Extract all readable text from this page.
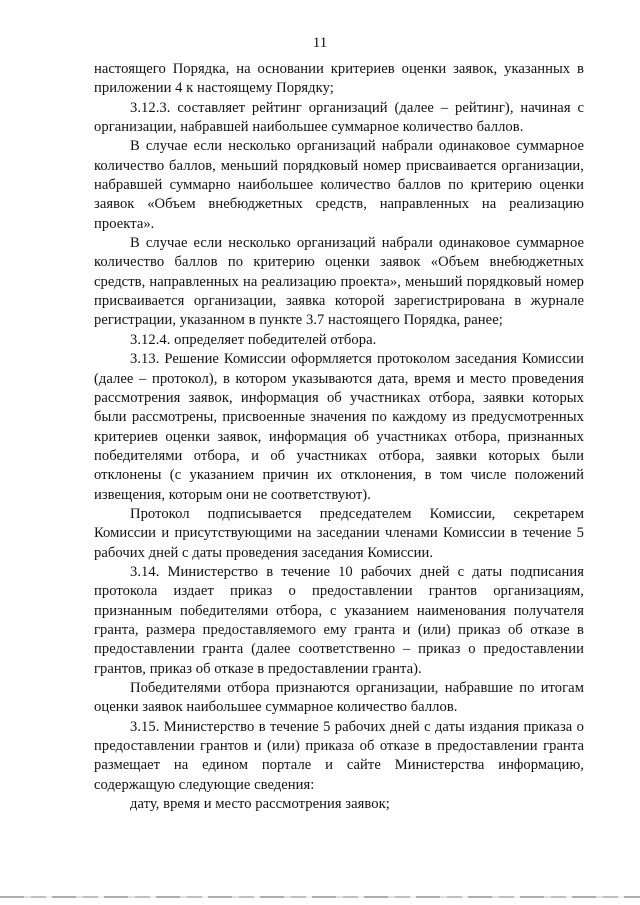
11

настоящего Порядка, на основании критериев оценки заявок, указанных в приложении 4 к настоящему Порядку;

3.12.3. составляет рейтинг организаций (далее – рейтинг), начиная с организации, набравшей наибольшее суммарное количество баллов.

В случае если несколько организаций набрали одинаковое суммарное количество баллов, меньший порядковый номер присваивается организации, набравшей суммарно наибольшее количество баллов по критерию оценки заявок «Объем внебюджетных средств, направленных на реализацию проекта».

В случае если несколько организаций набрали одинаковое суммарное количество баллов по критерию оценки заявок «Объем внебюджетных средств, направленных на реализацию проекта», меньший порядковый номер присваивается организации, заявка которой зарегистрирована в журнале регистрации, указанном в пункте 3.7 настоящего Порядка, ранее;

3.12.4. определяет победителей отбора.

3.13. Решение Комиссии оформляется протоколом заседания Комиссии (далее – протокол), в котором указываются дата, время и место проведения рассмотрения заявок, информация об участниках отбора, заявки которых были рассмотрены, присвоенные значения по каждому из предусмотренных критериев оценки заявок, информация об участниках отбора, признанных победителями отбора, и об участниках отбора, заявки которых были отклонены (с указанием причин их отклонения, в том числе положений извещения, которым они не соответствуют).

Протокол подписывается председателем Комиссии, секретарем Комиссии и присутствующими на заседании членами Комиссии в течение 5 рабочих дней с даты проведения заседания Комиссии.

3.14. Министерство в течение 10 рабочих дней с даты подписания протокола издает приказ о предоставлении грантов организациям, признанным победителями отбора, с указанием наименования получателя гранта, размера предоставляемого ему гранта и (или) приказ об отказе в предоставлении гранта (далее соответственно – приказ о предоставлении грантов, приказ об отказе в предоставлении гранта).

Победителями отбора признаются организации, набравшие по итогам оценки заявок наибольшее суммарное количество баллов.

3.15. Министерство в течение 5 рабочих дней с даты издания приказа о предоставлении грантов и (или) приказа об отказе в предоставлении гранта размещает на едином портале и сайте Министерства информацию, содержащую следующие сведения:

дату, время и место рассмотрения заявок;
